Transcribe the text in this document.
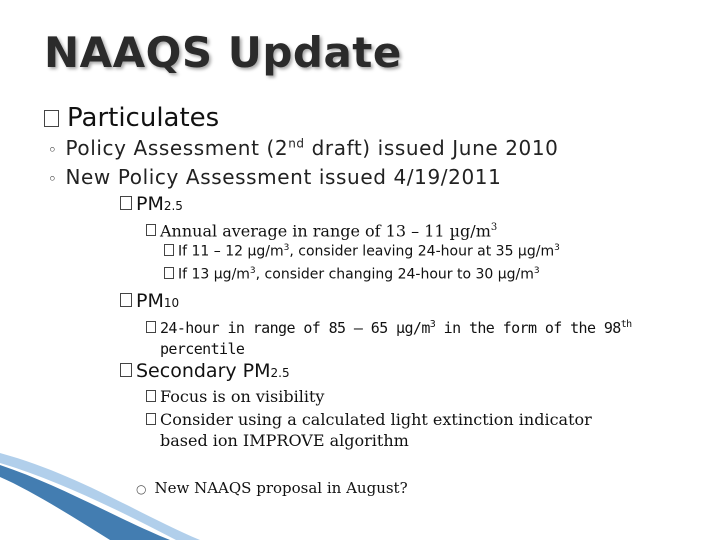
NAAQS Update
Particulates
◦ Policy Assessment (2nd draft) issued June 2010
◦ New Policy Assessment issued 4/19/2011
PM 2.5
Annual average in range of 13 – 11 $\mu g/m^3$
If 11 – 12 $\mu g/m^3$, consider leaving 24-hour at 35 $\mu g/m^3$
If 13 $\mu g/m^3$, consider changing 24-hour to 30 $\mu g/m^3$
PM 10
24-hour in range of 85 – 65 $\mu g/m^3$ in the form of the 98th
percentile
Secondary PM 2.5
Focus is on visibility
Consider using a calculated light extinction indicator
based ion IMPROVE algorithm
○ New NAAQS proposal in August?
